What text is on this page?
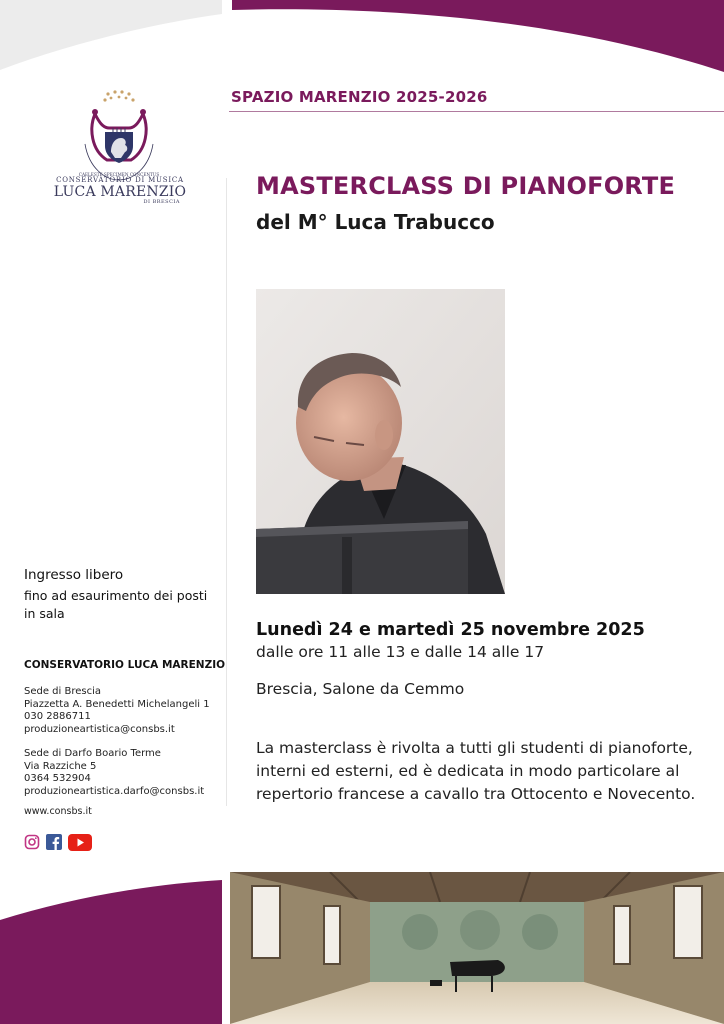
SPAZIO MARENZIO 2025-2026
CAELESTE SPECIMEN CONCENTUS
CONSERVATORIO DI MUSICA
LUCA MARENZIO
DI BRESCIA
MASTERCLASS DI PIANOFORTE
del M° Luca Trabucco
Lunedì 24 e martedì 25 novembre 2025
dalle ore 11 alle 13 e dalle 14 alle 17
Brescia, Salone da Cemmo
La masterclass è rivolta a tutti gli studenti di pianoforte,
interni ed esterni, ed è dedicata in modo particolare al
repertorio francese a cavallo tra Ottocento e Novecento.
Ingresso libero
fino ad esaurimento dei posti
in sala
CONSERVATORIO LUCA MARENZIO
Sede di Brescia
Piazzetta A. Benedetti Michelangeli 1
030 2886711
produzioneartistica@consbs.it
Sede di Darfo Boario Terme
Via Razziche 5
0364 532904
produzioneartistica.darfo@consbs.it
www.consbs.it
